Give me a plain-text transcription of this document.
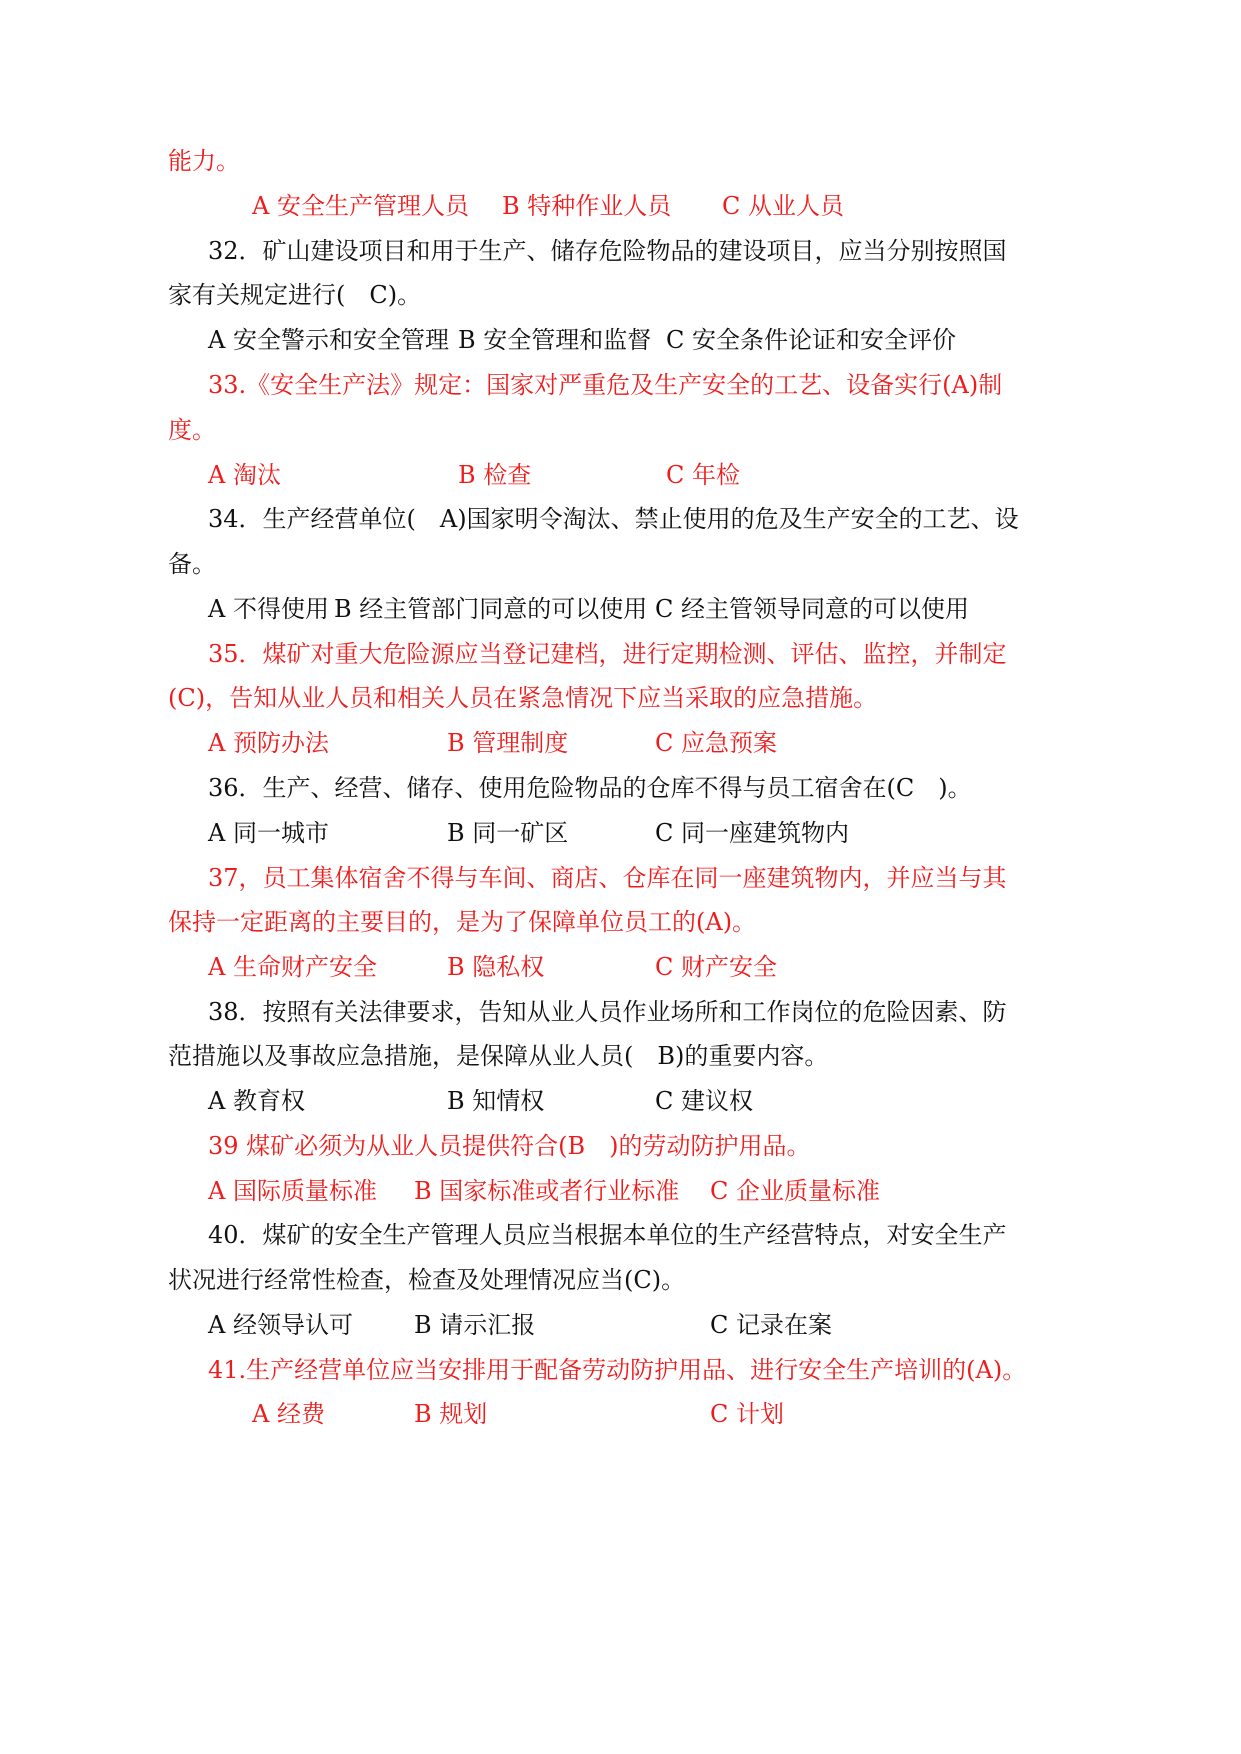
能力。
A 安全生产管理人员 B 特种作业人员 C 从业人员
32．矿山建设项目和用于生产、储存危险物品的建设项目，应当分别按照国
家有关规定进行(　C)。
A 安全警示和安全管理 B 安全管理和监督 C 安全条件论证和安全评价
33.《安全生产法》规定：国家对严重危及生产安全的工艺、设备实行(A)制
度。
A 淘汰	B 检查	C 年检
34．生产经营单位(　A)国家明令淘汰、禁止使用的危及生产安全的工艺、设
备。
A 不得使用 B 经主管部门同意的可以使用 C 经主管领导同意的可以使用
35．煤矿对重大危险源应当登记建档，进行定期检测、评估、监控，并制定
(C)，告知从业人员和相关人员在紧急情况下应当采取的应急措施。
A 预防办法	B 管理制度	C 应急预案
36．生产、经营、储存、使用危险物品的仓库不得与员工宿舍在(C　)。
A 同一城市	B 同一矿区	C 同一座建筑物内
37，员工集体宿舍不得与车间、商店、仓库在同一座建筑物内，并应当与其
保持一定距离的主要目的，是为了保障单位员工的(A)。
A 生命财产安全	B 隐私权	C 财产安全
38．按照有关法律要求，告知从业人员作业场所和工作岗位的危险因素、防
范措施以及事故应急措施，是保障从业人员(　B)的重要内容。
A 教育权	B 知情权	C 建议权
39 煤矿必须为从业人员提供符合(B　)的劳动防护用品。
A 国际质量标准 B 国家标准或者行业标准 C 企业质量标准
40．煤矿的安全生产管理人员应当根据本单位的生产经营特点，对安全生产
状况进行经常性检查，检查及处理情况应当(C)。
A 经领导认可	B 请示汇报	C 记录在案
41.生产经营单位应当安排用于配备劳动防护用品、进行安全生产培训的(A)。
A 经费	B 规划	C 计划
